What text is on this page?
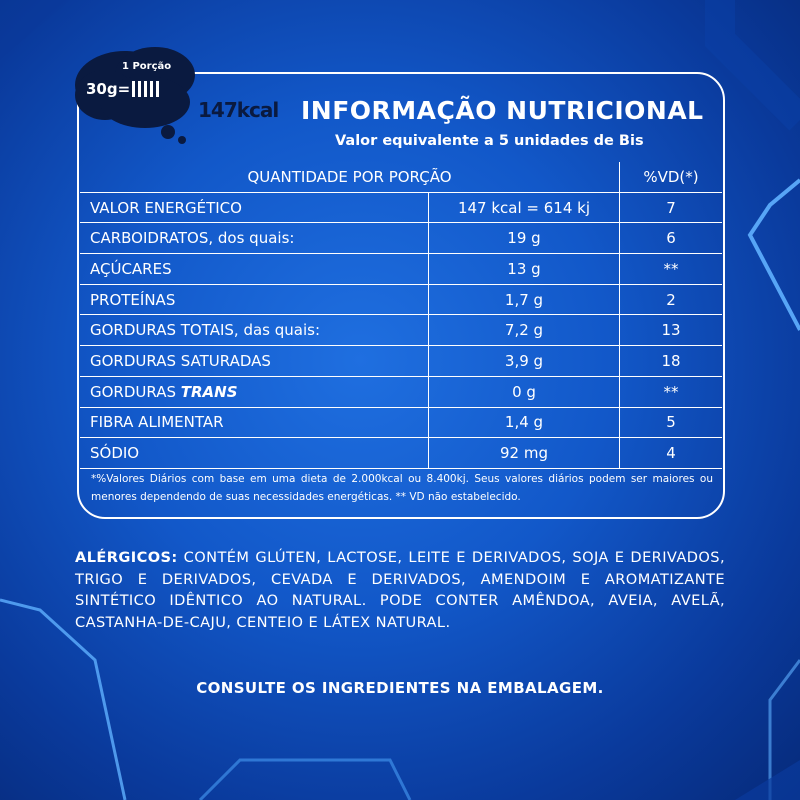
1 Porção
30g=
147kcal INFORMAÇÃO NUTRICIONAL
Valor equivalente a 5 unidades de Bis
QUANTIDADE POR PORÇÃO		%VD(*)
VALOR ENERGÉTICO	147 kcal = 614 kj	7
CARBOIDRATOS, dos quais:	19 g	6
AÇÚCARES	13 g	**
PROTEÍNAS	1,7 g	2
GORDURAS TOTAIS, das quais:	7,2 g	13
GORDURAS SATURADAS	3,9 g	18
GORDURAS TRANS	0 g	**
FIBRA ALIMENTAR	1,4 g	5
SÓDIO	92 mg	4

*%Valores Diários com base em uma dieta de 2.000kcal ou 8.400kj. Seus valores diários podem ser maiores ou menores dependendo de suas necessidades energéticas. ** VD não estabelecido.
ALÉRGICOS: CONTÉM GLÚTEN, LACTOSE, LEITE E DERIVADOS, SOJA E DERIVADOS, TRIGO E DERIVADOS, CEVADA E DERIVADOS, AMENDOIM E AROMATIZANTE SINTÉTICO IDÊNTICO AO NATURAL. PODE CONTER AMÊNDOA, AVEIA, AVELÃ, CASTANHA-DE-CAJU, CENTEIO E LÁTEX NATURAL.
CONSULTE OS INGREDIENTES NA EMBALAGEM.
